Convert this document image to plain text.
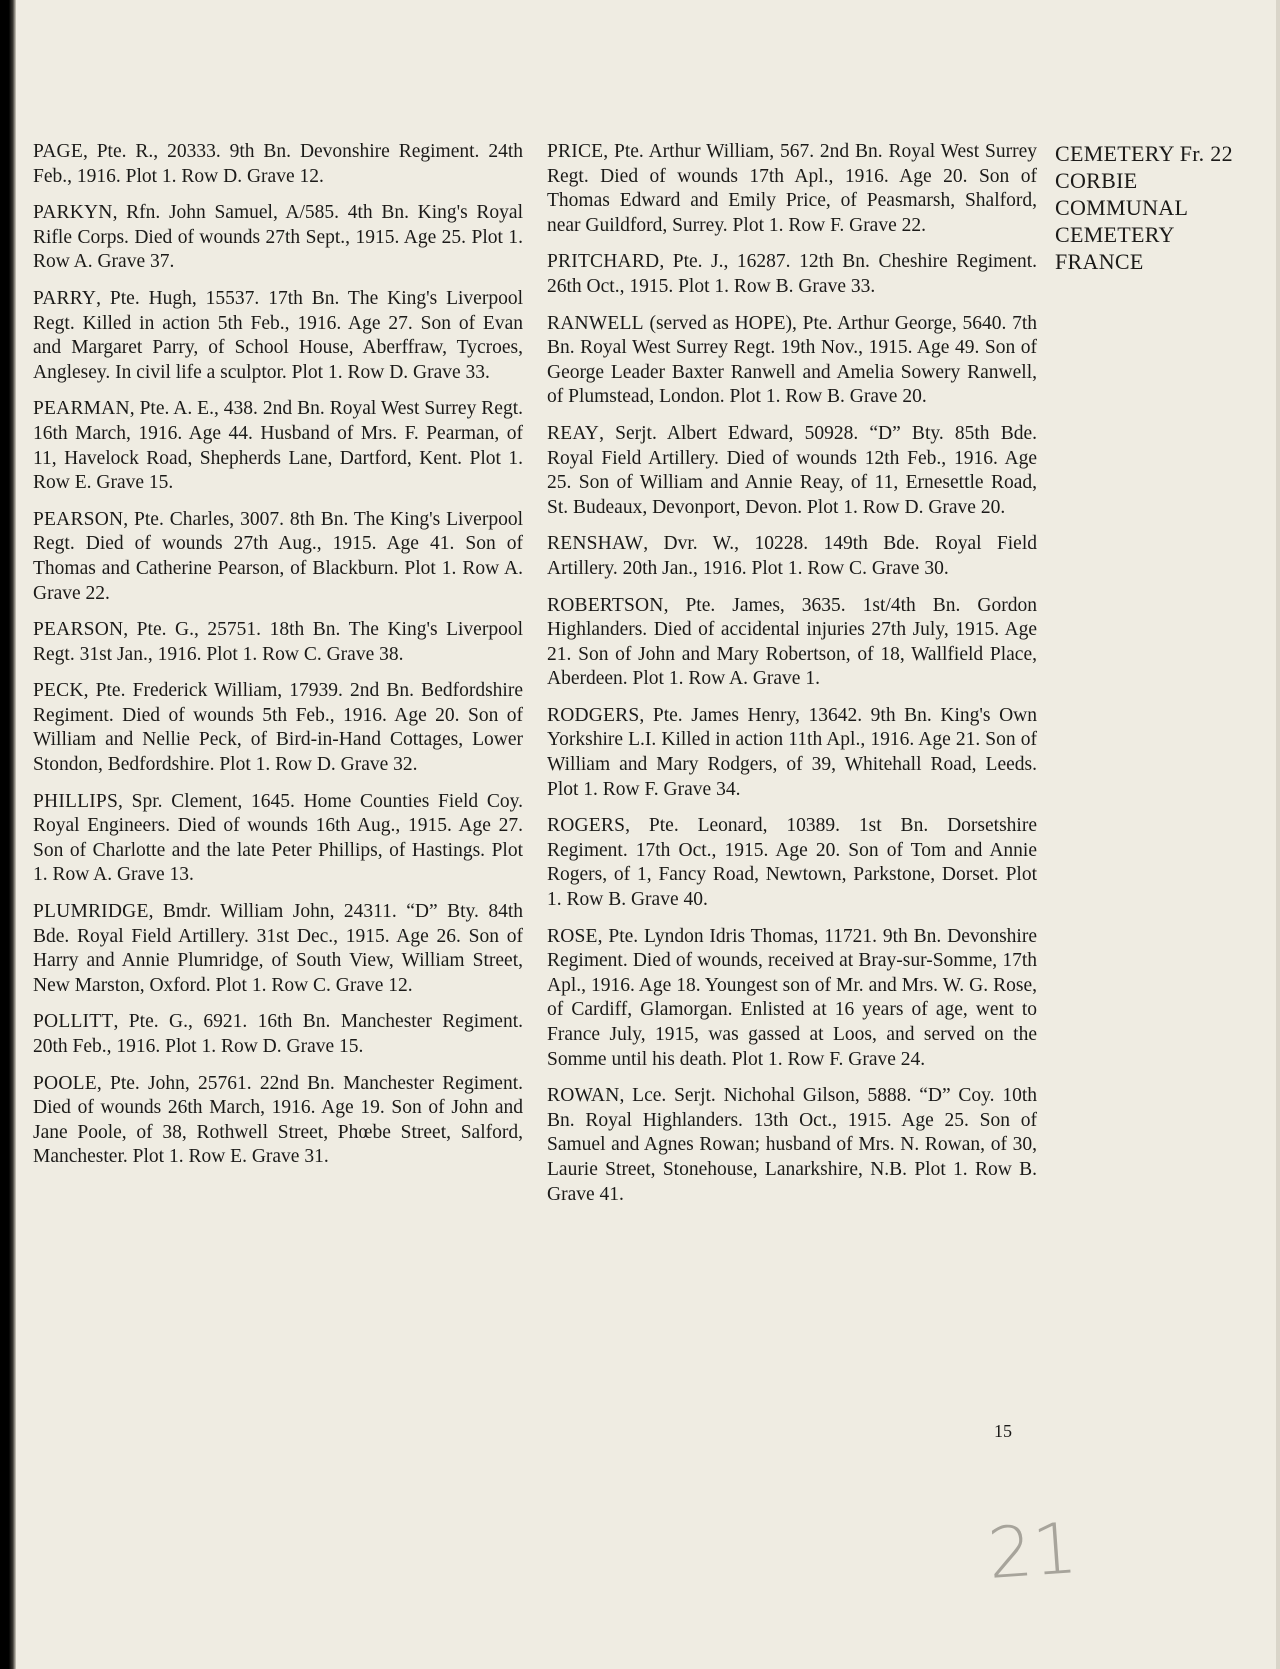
PAGE, Pte. R., 20333. 9th Bn. Devonshire Regiment. 24th Feb., 1916. Plot 1. Row D. Grave 12.

PARKYN, Rfn. John Samuel, A/585. 4th Bn. King's Royal Rifle Corps. Died of wounds 27th Sept., 1915. Age 25. Plot 1. Row A. Grave 37.

PARRY, Pte. Hugh, 15537. 17th Bn. The King's Liverpool Regt. Killed in action 5th Feb., 1916. Age 27. Son of Evan and Margaret Parry, of School House, Aberffraw, Tycroes, Anglesey. In civil life a sculptor. Plot 1. Row D. Grave 33.

PEARMAN, Pte. A. E., 438. 2nd Bn. Royal West Surrey Regt. 16th March, 1916. Age 44. Husband of Mrs. F. Pearman, of 11, Havelock Road, Shepherds Lane, Dartford, Kent. Plot 1. Row E. Grave 15.

PEARSON, Pte. Charles, 3007. 8th Bn. The King's Liverpool Regt. Died of wounds 27th Aug., 1915. Age 41. Son of Thomas and Catherine Pearson, of Blackburn. Plot 1. Row A. Grave 22.

PEARSON, Pte. G., 25751. 18th Bn. The King's Liverpool Regt. 31st Jan., 1916. Plot 1. Row C. Grave 38.

PECK, Pte. Frederick William, 17939. 2nd Bn. Bedfordshire Regiment. Died of wounds 5th Feb., 1916. Age 20. Son of William and Nellie Peck, of Bird-in-Hand Cottages, Lower Stondon, Bedfordshire. Plot 1. Row D. Grave 32.

PHILLIPS, Spr. Clement, 1645. Home Counties Field Coy. Royal Engineers. Died of wounds 16th Aug., 1915. Age 27. Son of Charlotte and the late Peter Phillips, of Hastings. Plot 1. Row A. Grave 13.

PLUMRIDGE, Bmdr. William John, 24311. “D” Bty. 84th Bde. Royal Field Artillery. 31st Dec., 1915. Age 26. Son of Harry and Annie Plumridge, of South View, William Street, New Marston, Oxford. Plot 1. Row C. Grave 12.

POLLITT, Pte. G., 6921. 16th Bn. Manchester Regiment. 20th Feb., 1916. Plot 1. Row D. Grave 15.

POOLE, Pte. John, 25761. 22nd Bn. Manchester Regiment. Died of wounds 26th March, 1916. Age 19. Son of John and Jane Poole, of 38, Rothwell Street, Phœbe Street, Salford, Manchester. Plot 1. Row E. Grave 31.

PRICE, Pte. Arthur William, 567. 2nd Bn. Royal West Surrey Regt. Died of wounds 17th Apl., 1916. Age 20. Son of Thomas Edward and Emily Price, of Peasmarsh, Shalford, near Guildford, Surrey. Plot 1. Row F. Grave 22.

PRITCHARD, Pte. J., 16287. 12th Bn. Cheshire Regiment. 26th Oct., 1915. Plot 1. Row B. Grave 33.

RANWELL (served as HOPE), Pte. Arthur George, 5640. 7th Bn. Royal West Surrey Regt. 19th Nov., 1915. Age 49. Son of George Leader Baxter Ranwell and Amelia Sowery Ranwell, of Plumstead, London. Plot 1. Row B. Grave 20.

REAY, Serjt. Albert Edward, 50928. “D” Bty. 85th Bde. Royal Field Artillery. Died of wounds 12th Feb., 1916. Age 25. Son of William and Annie Reay, of 11, Ernesettle Road, St. Budeaux, Devonport, Devon. Plot 1. Row D. Grave 20.

RENSHAW, Dvr. W., 10228. 149th Bde. Royal Field Artillery. 20th Jan., 1916. Plot 1. Row C. Grave 30.

ROBERTSON, Pte. James, 3635. 1st/4th Bn. Gordon Highlanders. Died of accidental injuries 27th July, 1915. Age 21. Son of John and Mary Robertson, of 18, Wallfield Place, Aberdeen. Plot 1. Row A. Grave 1.

RODGERS, Pte. James Henry, 13642. 9th Bn. King's Own Yorkshire L.I. Killed in action 11th Apl., 1916. Age 21. Son of William and Mary Rodgers, of 39, Whitehall Road, Leeds. Plot 1. Row F. Grave 34.

ROGERS, Pte. Leonard, 10389. 1st Bn. Dorsetshire Regiment. 17th Oct., 1915. Age 20. Son of Tom and Annie Rogers, of 1, Fancy Road, Newtown, Parkstone, Dorset. Plot 1. Row B. Grave 40.

ROSE, Pte. Lyndon Idris Thomas, 11721. 9th Bn. Devonshire Regiment. Died of wounds, received at Bray-sur-Somme, 17th Apl., 1916. Age 18. Youngest son of Mr. and Mrs. W. G. Rose, of Cardiff, Glamorgan. Enlisted at 16 years of age, went to France July, 1915, was gassed at Loos, and served on the Somme until his death. Plot 1. Row F. Grave 24.

ROWAN, Lce. Serjt. Nichohal Gilson, 5888. “D” Coy. 10th Bn. Royal Highlanders. 13th Oct., 1915. Age 25. Son of Samuel and Agnes Rowan; husband of Mrs. N. Rowan, of 30, Laurie Street, Stonehouse, Lanarkshire, N.B. Plot 1. Row B. Grave 41.

CEMETERY Fr. 22
CORBIE
COMMUNAL
CEMETERY
FRANCE
15
21
